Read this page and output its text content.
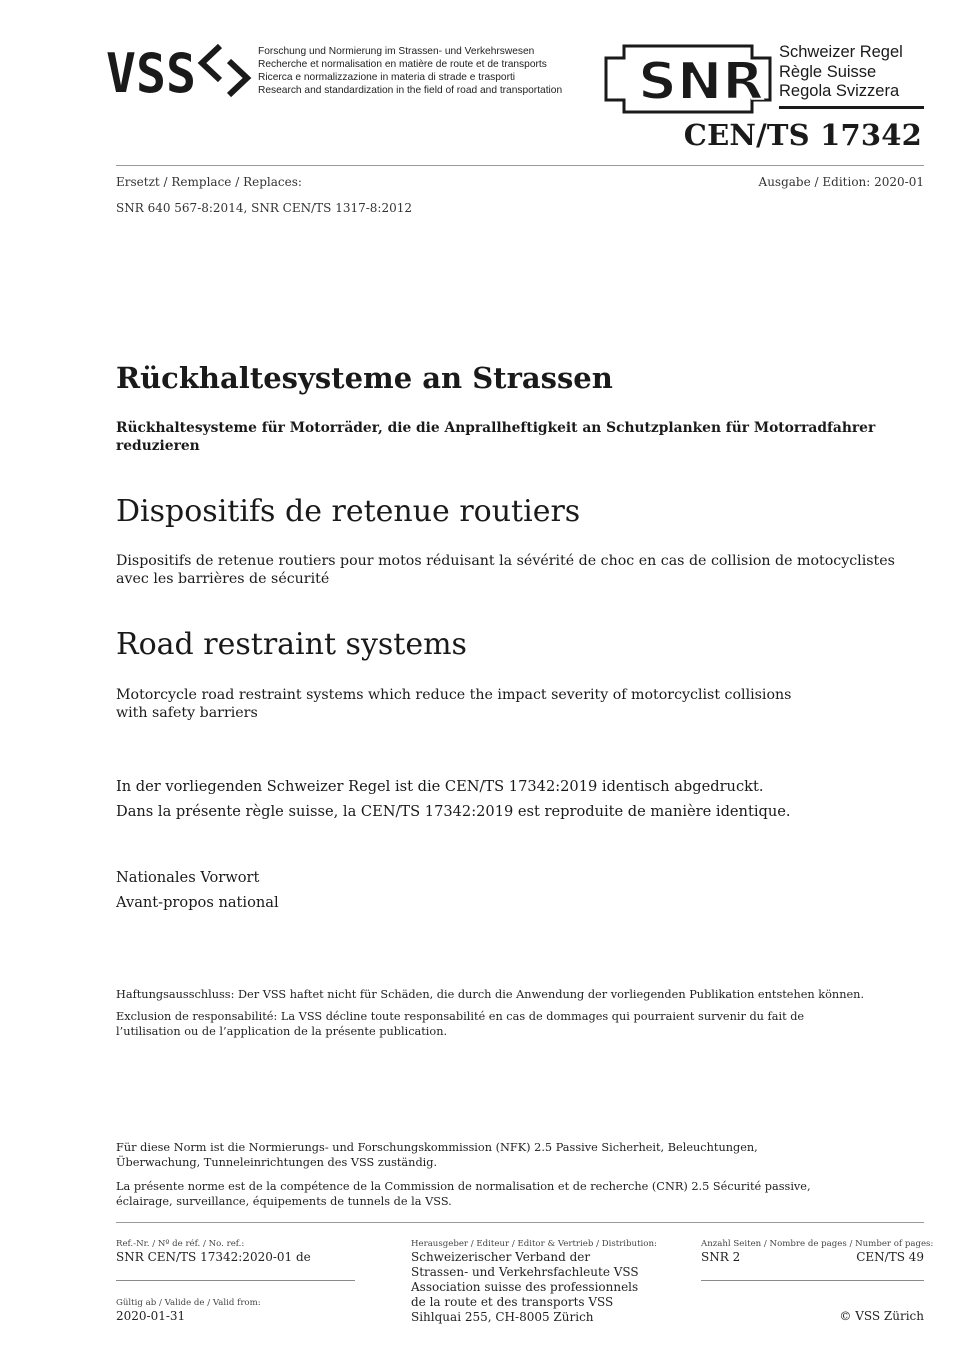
VSS	Forschung und Normierung im Strassen- und Verkehrswesen
Recherche et normalisation en matière de route et de transports
Ricerca e normalizzazione in materia di strade e trasporti
Research and standardization in the field of road and transportation SNR Schweizer Regel
Règle Suisse
Regola Svizzera
CEN/TS 17342
Ersetzt / Remplace / Replaces:	Ausgabe / Edition: 2020-01
SNR 640 567-8:2014, SNR CEN/TS 1317-8:2012
Rückhaltesysteme an Strassen
Rückhaltesysteme für Motorräder, die die Anprallheftigkeit an Schutzplanken für Motorradfahrer reduzieren
Dispositifs de retenue routiers
Dispositifs de retenue routiers pour motos réduisant la sévérité de choc en cas de collision de motocyclistes avec les barrières de sécurité
Road restraint systems
Motorcycle road restraint systems which reduce the impact severity of motorcyclist collisions with safety barriers
In der vorliegenden Schweizer Regel ist die CEN/TS 17342:2019 identisch abgedruckt.
Dans la présente règle suisse, la CEN/TS 17342:2019 est reproduite de manière identique.
Nationales Vorwort
Avant-propos national
Haftungsausschluss: Der VSS haftet nicht für Schäden, die durch die Anwendung der vorliegenden Publikation entstehen können.
Exclusion de responsabilité: La VSS décline toute responsabilité en cas de dommages qui pourraient survenir du fait de l’utilisation ou de l’application de la présente publication.
Für diese Norm ist die Normierungs- und Forschungskommission (NFK) 2.5 Passive Sicherheit, Beleuchtungen, Überwachung, Tunneleinrichtungen des VSS zuständig.
La présente norme est de la compétence de la Commission de normalisation et de recherche (CNR) 2.5 Sécurité passive, éclairage, surveillance, équipements de tunnels de la VSS.
Ref.-Nr. / Nº de réf. / No. ref.:
SNR CEN/TS 17342:2020-01 de
Gültig ab / Valide de / Valid from:
2020-01-31
Herausgeber / Editeur / Editor & Vertrieb / Distribution:
Schweizerischer Verband der
Strassen- und Verkehrsfachleute VSS
Association suisse des professionnels
de la route et des transports VSS
Sihlquai 255, CH-8005 Zürich
Anzahl Seiten / Nombre de pages / Number of pages:
SNR 2	CEN/TS 49
© VSS Zürich
